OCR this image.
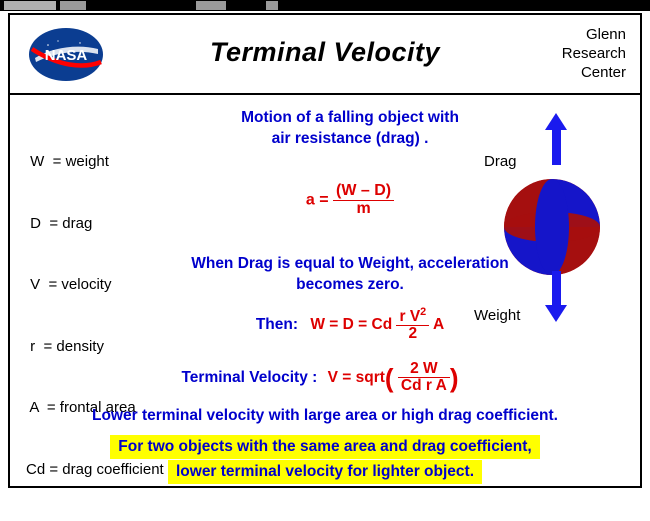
NASA	Terminal Velocity
Glenn
Research
Center

W  = weight

D  = drag

V  = velocity

r  = density

A  = frontal area

Cd = drag coefficient

Motion of a falling object with
air resistance (drag) .
$a = \frac{(W - D)}{m}$
When Drag is equal to Weight, acceleration becomes zero.
Then: W = D = Cd $\frac{r V^2}{2}$ A
Terminal Velocity : V = sqrt( $\frac{2 W}{\text{Cd r A}}$ )
Drag
Weight
Lower terminal velocity with large area or high drag coefficient.
For two objects with the same area and drag coefficient, lower terminal velocity for lighter object.
